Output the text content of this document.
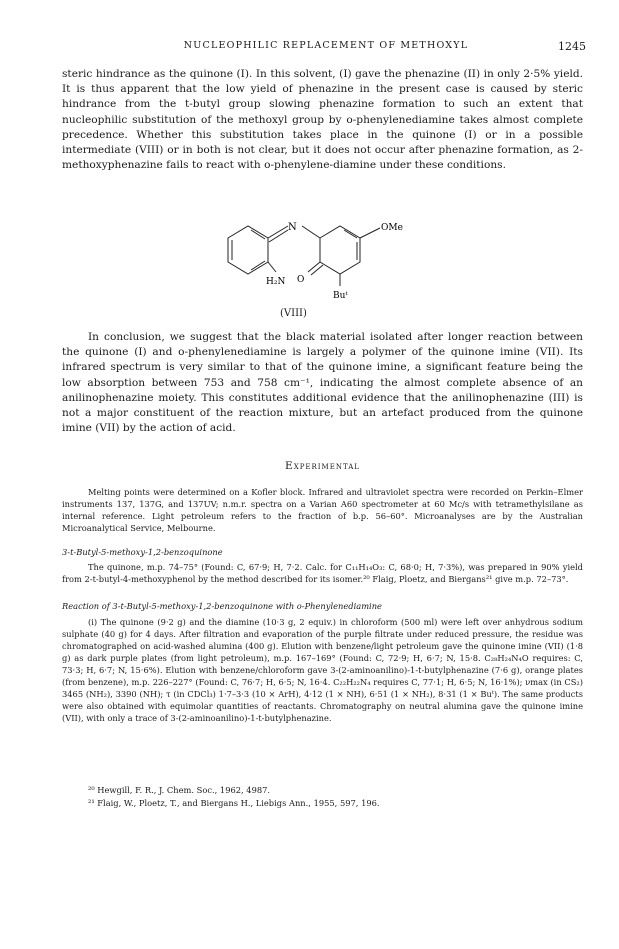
NUCLEOPHILIC REPLACEMENT OF METHOXYL	1245

steric hindrance as the quinone (I). In this solvent, (I) gave the phenazine (II) in only 2·5% yield. It is thus apparent that the low yield of phenazine in the present case is caused by steric hindrance from the t-butyl group slowing phenazine formation to such an extent that nucleophilic substitution of the methoxyl group by o-phenylenediamine takes almost complete precedence. Whether this substitution takes place in the quinone (I) or in a possible intermediate (VIII) or in both is not clear, but it does not occur after phenazine formation, as 2-methoxyphenazine fails to react with o-phenylene-diamine under these conditions.

N	OMe
H₂N O
Buᵗ
(VIII)

In conclusion, we suggest that the black material isolated after longer reaction between the quinone (I) and o-phenylenediamine is largely a polymer of the quinone imine (VII). Its infrared spectrum is very similar to that of the quinone imine, a significant feature being the low absorption between 753 and 758 cm⁻¹, indicating the almost complete absence of an anilinophenazine moiety. This constitutes additional evidence that the anilinophenazine (III) is not a major constituent of the reaction mixture, but an artefact produced from the quinone imine (VII) by the action of acid.

Experimental

Melting points were determined on a Kofler block. Infrared and ultraviolet spectra were recorded on Perkin–Elmer instruments 137, 137G, and 137UV; n.m.r. spectra on a Varian A60 spectrometer at 60 Mc/s with tetramethylsilane as internal reference. Light petroleum refers to the fraction of b.p. 56–60°. Microanalyses are by the Australian Microanalytical Service, Melbourne.

3-t-Butyl-5-methoxy-1,2-benzoquinone

The quinone, m.p. 74–75° (Found: C, 67·9; H, 7·2. Calc. for C₁₁H₁₄O₃: C, 68·0; H, 7·3%), was prepared in 90% yield from 2-t-butyl-4-methoxyphenol by the method described for its isomer.²⁰ Flaig, Ploetz, and Biergans²¹ give m.p. 72–73°.

Reaction of 3-t-Butyl-5-methoxy-1,2-benzoquinone with o-Phenylenediamine

(i) The quinone (9·2 g) and the diamine (10·3 g, 2 equiv.) in chloroform (500 ml) were left over anhydrous sodium sulphate (40 g) for 4 days. After filtration and evaporation of the purple filtrate under reduced pressure, the residue was chromatographed on acid-washed alumina (400 g). Elution with benzene/light petroleum gave the quinone imine (VII) (1·8 g) as dark purple plates (from light petroleum), m.p. 167–169° (Found: C, 72·9; H, 6·7; N, 15·8. C₂₈H₂₄N₄O requires: C, 73·3; H, 6·7; N, 15·6%). Elution with benzene/chloroform gave 3-(2-aminoanilino)-1-t-butylphenazine (7·6 g), orange plates (from benzene), m.p. 226–227° (Found: C, 76·7; H, 6·5; N, 16·4. C₂₂H₂₂N₄ requires C, 77·1; H, 6·5; N, 16·1%); νmax (in CS₂) 3465 (NH₂), 3390 (NH); τ (in CDCl₃) 1·7–3·3 (10 × ArH), 4·12 (1 × NH), 6·51 (1 × NH₂), 8·31 (1 × Buᵗ). The same products were also obtained with equimolar quantities of reactants. Chromatography on neutral alumina gave the quinone imine (VII), with only a trace of 3-(2-aminoanilino)-1-t-butylphenazine.

²⁰ Hewgill, F. R., J. Chem. Soc., 1962, 4987.
²¹ Flaig, W., Ploetz, T., and Biergans H., Liebigs Ann., 1955, 597, 196.
